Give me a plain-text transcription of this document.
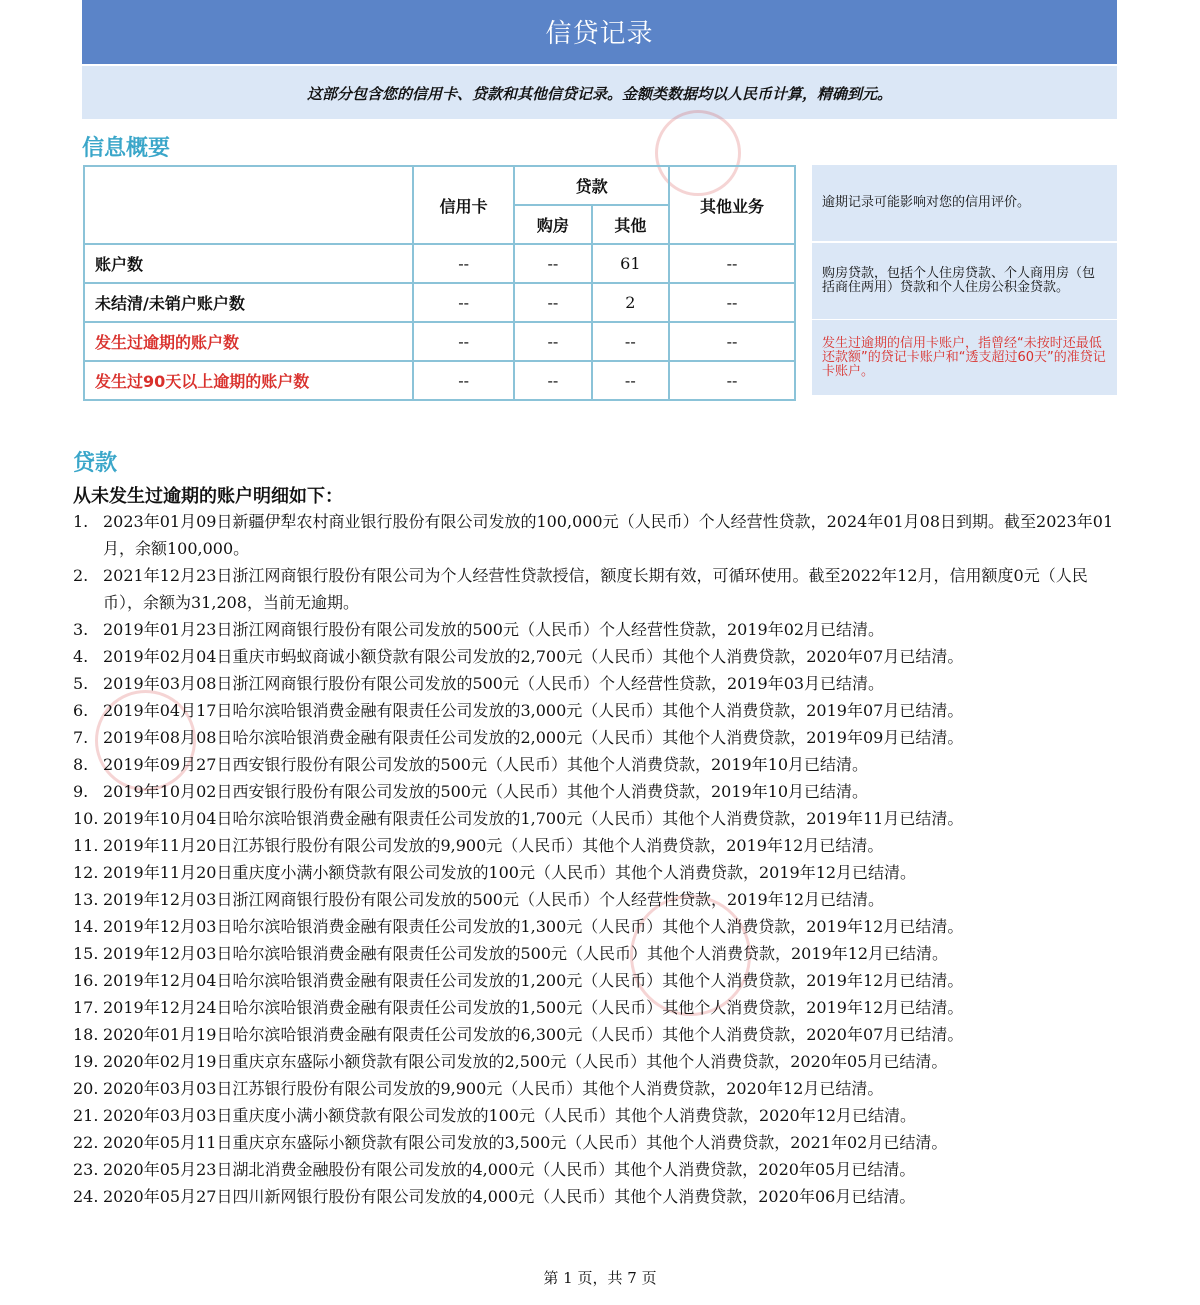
信贷记录
这部分包含您的信用卡、贷款和其他信贷记录。金额类数据均以人民币计算，精确到元。
信息概要
	信用卡	贷款		其他业务
		购房	其他	
账户数	--	--	61	--
未结清/未销户账户数	--	--	2	--
发生过逾期的账户数	--	--	--	--
发生过90天以上逾期的账户数	--	--	--	--
逾期记录可能影响对您的信用评价。
购房贷款，包括个人住房贷款、个人商用房（包括商住两用）贷款和个人住房公积金贷款。
发生过逾期的信用卡账户，指曾经“未按时还最低还款额”的贷记卡账户和“透支超过60天”的准贷记卡账户。
贷款
从未发生过逾期的账户明细如下：
1. 2023年01月09日新疆伊犁农村商业银行股份有限公司发放的100,000元（人民币）个人经营性贷款，2024年01月08日到期。截至2023年01月，余额100,000。
2. 2021年12月23日浙江网商银行股份有限公司为个人经营性贷款授信，额度长期有效，可循环使用。截至2022年12月，信用额度0元（人民币），余额为31,208，当前无逾期。
3. 2019年01月23日浙江网商银行股份有限公司发放的500元（人民币）个人经营性贷款，2019年02月已结清。
4. 2019年02月04日重庆市蚂蚁商诚小额贷款有限公司发放的2,700元（人民币）其他个人消费贷款，2020年07月已结清。
5. 2019年03月08日浙江网商银行股份有限公司发放的500元（人民币）个人经营性贷款，2019年03月已结清。
6. 2019年04月17日哈尔滨哈银消费金融有限责任公司发放的3,000元（人民币）其他个人消费贷款，2019年07月已结清。
7. 2019年08月08日哈尔滨哈银消费金融有限责任公司发放的2,000元（人民币）其他个人消费贷款，2019年09月已结清。
8. 2019年09月27日西安银行股份有限公司发放的500元（人民币）其他个人消费贷款，2019年10月已结清。
9. 2019年10月02日西安银行股份有限公司发放的500元（人民币）其他个人消费贷款，2019年10月已结清。
10. 2019年10月04日哈尔滨哈银消费金融有限责任公司发放的1,700元（人民币）其他个人消费贷款，2019年11月已结清。
11. 2019年11月20日江苏银行股份有限公司发放的9,900元（人民币）其他个人消费贷款，2019年12月已结清。
12. 2019年11月20日重庆度小满小额贷款有限公司发放的100元（人民币）其他个人消费贷款，2019年12月已结清。
13. 2019年12月03日浙江网商银行股份有限公司发放的500元（人民币）个人经营性贷款，2019年12月已结清。
14. 2019年12月03日哈尔滨哈银消费金融有限责任公司发放的1,300元（人民币）其他个人消费贷款，2019年12月已结清。
15. 2019年12月03日哈尔滨哈银消费金融有限责任公司发放的500元（人民币）其他个人消费贷款，2019年12月已结清。
16. 2019年12月04日哈尔滨哈银消费金融有限责任公司发放的1,200元（人民币）其他个人消费贷款，2019年12月已结清。
17. 2019年12月24日哈尔滨哈银消费金融有限责任公司发放的1,500元（人民币）其他个人消费贷款，2019年12月已结清。
18. 2020年01月19日哈尔滨哈银消费金融有限责任公司发放的6,300元（人民币）其他个人消费贷款，2020年07月已结清。
19. 2020年02月19日重庆京东盛际小额贷款有限公司发放的2,500元（人民币）其他个人消费贷款，2020年05月已结清。
20. 2020年03月03日江苏银行股份有限公司发放的9,900元（人民币）其他个人消费贷款，2020年12月已结清。
21. 2020年03月03日重庆度小满小额贷款有限公司发放的100元（人民币）其他个人消费贷款，2020年12月已结清。
22. 2020年05月11日重庆京东盛际小额贷款有限公司发放的3,500元（人民币）其他个人消费贷款，2021年02月已结清。
23. 2020年05月23日湖北消费金融股份有限公司发放的4,000元（人民币）其他个人消费贷款，2020年05月已结清。
24. 2020年05月27日四川新网银行股份有限公司发放的4,000元（人民币）其他个人消费贷款，2020年06月已结清。
第 1 页，共 7 页
